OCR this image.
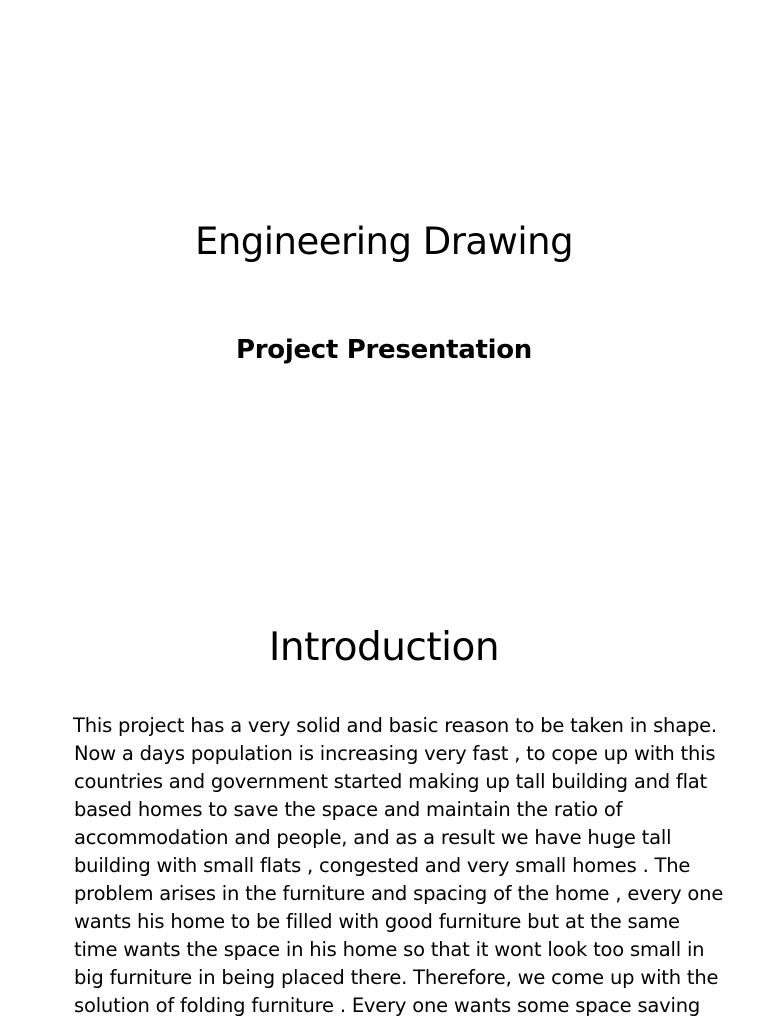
Engineering Drawing
Project Presentation
Introduction

This project has a very solid and basic reason to be taken in shape.
Now a days population is increasing very fast , to cope up with this
countries and government started making up tall building and flat
based homes to save the space and maintain the ratio of
accommodation and people, and as a result we have huge tall
building with small flats , congested and very small homes . The
problem arises in the furniture and spacing of the home , every one
wants his home to be filled with good furniture but at the same
time wants the space in his home so that it wont look too small in
big furniture in being placed there. Therefore, we come up with the
solution of folding furniture . Every one wants some space saving
